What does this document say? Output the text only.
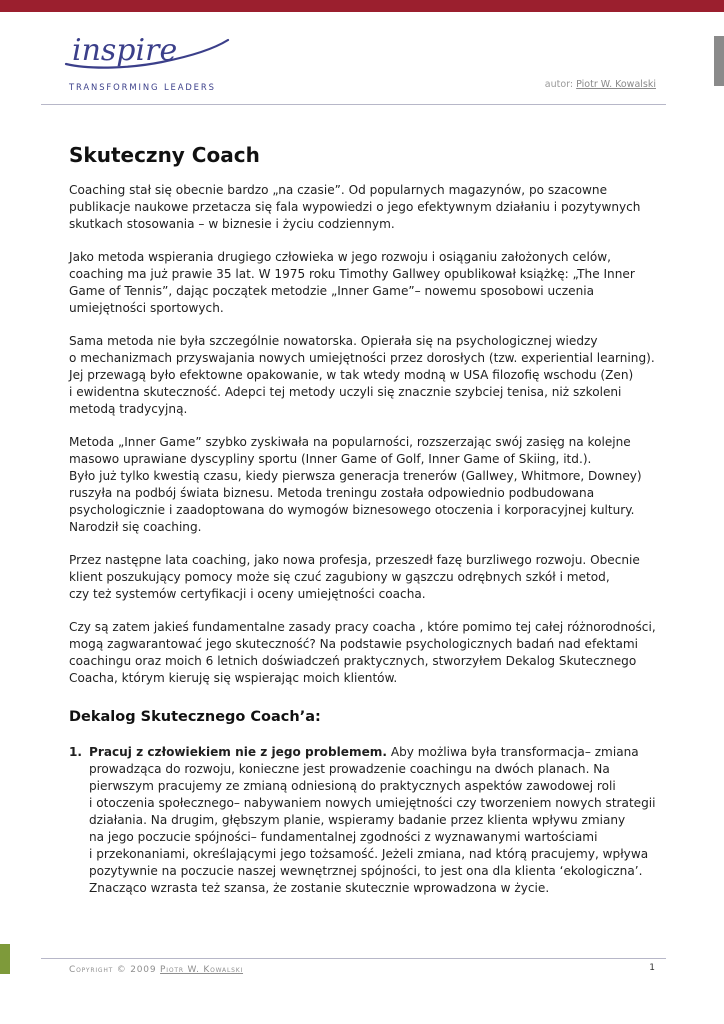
inspire
TRANSFORMING LEADERS	autor: Piotr W. Kowalski
Skuteczny Coach

Coaching stał się obecnie bardzo „na czasie”. Od popularnych magazynów, po szacowne
publikacje naukowe przetacza się fala wypowiedzi o jego efektywnym działaniu i pozytywnych
skutkach stosowania – w biznesie i życiu codziennym.

Jako metoda wspierania drugiego człowieka w jego rozwoju i osiąganiu założonych celów,
coaching ma już prawie 35 lat. W 1975 roku Timothy Gallwey opublikował książkę: „The Inner
Game of Tennis”, dając początek metodzie „Inner Game”– nowemu sposobowi uczenia
umiejętności sportowych.

Sama metoda nie była szczególnie nowatorska. Opierała się na psychologicznej wiedzy
o mechanizmach przyswajania nowych umiejętności przez dorosłych (tzw. experiential learning).
Jej przewagą było efektowne opakowanie, w tak wtedy modną w USA filozofię wschodu (Zen)
i ewidentna skuteczność. Adepci tej metody uczyli się znacznie szybciej tenisa, niż szkoleni
metodą tradycyjną.

Metoda „Inner Game” szybko zyskiwała na popularności, rozszerzając swój zasięg na kolejne
masowo uprawiane dyscypliny sportu (Inner Game of Golf, Inner Game of Skiing, itd.).
Było już tylko kwestią czasu, kiedy pierwsza generacja trenerów (Gallwey, Whitmore, Downey)
ruszyła na podbój świata biznesu. Metoda treningu została odpowiednio podbudowana
psychologicznie i zaadoptowana do wymogów biznesowego otoczenia i korporacyjnej kultury.
Narodził się coaching.

Przez następne lata coaching, jako nowa profesja, przeszedł fazę burzliwego rozwoju. Obecnie
klient poszukujący pomocy może się czuć zagubiony w gąszczu odrębnych szkół i metod,
czy też systemów certyfikacji i oceny umiejętności coacha.

Czy są zatem jakieś fundamentalne zasady pracy coacha , które pomimo tej całej różnorodności,
mogą zagwarantować jego skuteczność? Na podstawie psychologicznych badań nad efektami
coachingu oraz moich 6 letnich doświadczeń praktycznych, stworzyłem Dekalog Skutecznego
Coacha, którym kieruję się wspierając moich klientów.

Dekalog Skutecznego Coach’a:
1. Pracuj z człowiekiem nie z jego problemem. Aby możliwa była transformacja– zmiana
prowadząca do rozwoju, konieczne jest prowadzenie coachingu na dwóch planach. Na
pierwszym pracujemy ze zmianą odniesioną do praktycznych aspektów zawodowej roli
i otoczenia społecznego– nabywaniem nowych umiejętności czy tworzeniem nowych strategii
działania. Na drugim, głębszym planie, wspieramy badanie przez klienta wpływu zmiany
na jego poczucie spójności– fundamentalnej zgodności z wyznawanymi wartościami
i przekonaniami, określającymi jego tożsamość. Jeżeli zmiana, nad którą pracujemy, wpływa
pozytywnie na poczucie naszej wewnętrznej spójności, to jest ona dla klienta ‘ekologiczna’.
Znacząco wzrasta też szansa, że zostanie skutecznie wprowadzona w życie.
Copyright © 2009 Piotr W. Kowalski	1
